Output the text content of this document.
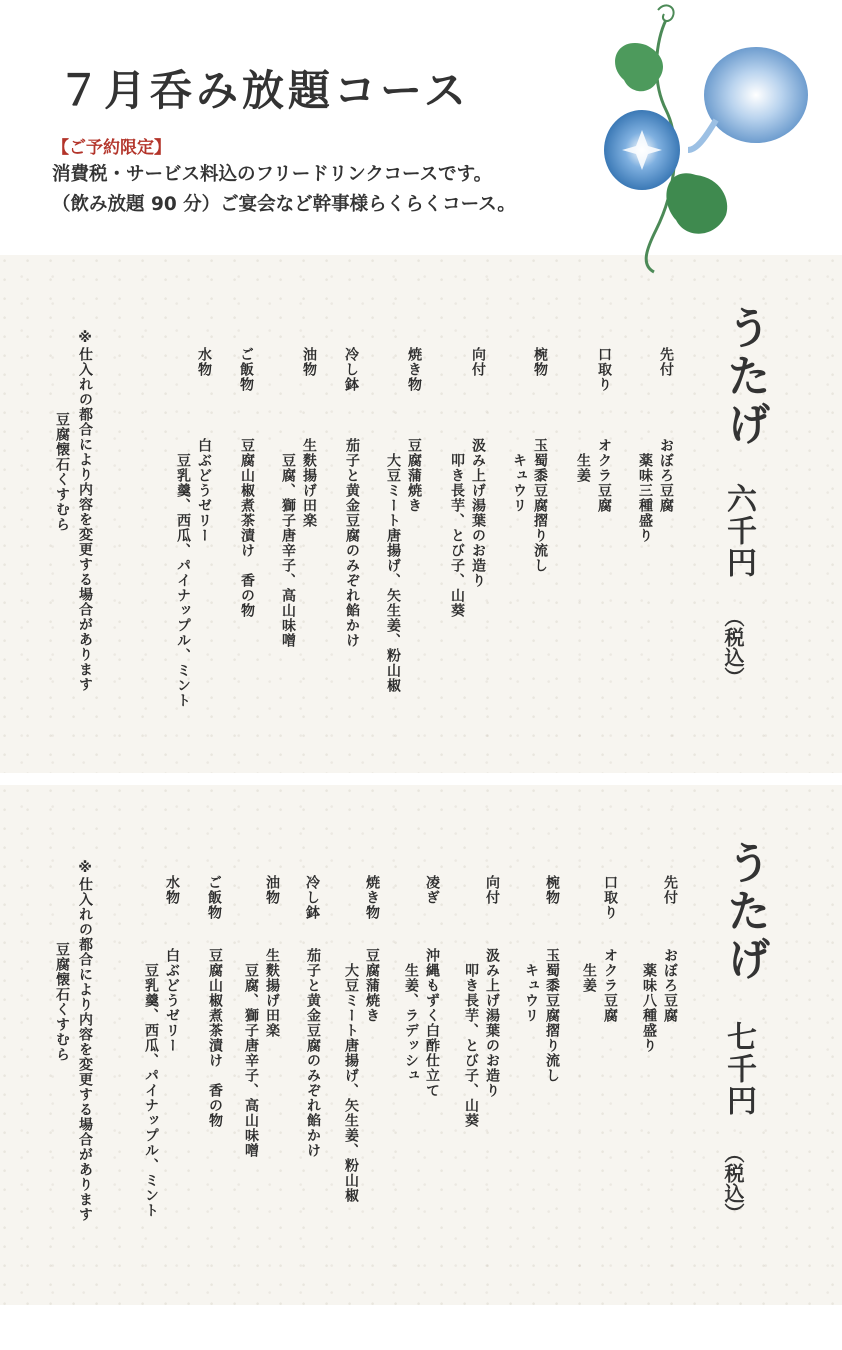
７月呑み放題コース
【ご予約限定】
消費税・サービス料込のフリードリンクコースです。
（飲み放題 90 分）ご宴会など幹事様らくらくコース。
うたげ
六千円
（税込）
先付
おぼろ豆腐
　薬味三種盛り
口取り
オクラ豆腐
　生姜
椀物
玉蜀黍豆腐摺り流し
　キュウリ
向付
汲み上げ湯葉のお造り
　叩き長芋、とび子、山葵
焼き物
豆腐蒲焼き
　大豆ミート唐揚げ、矢生姜、粉山椒
冷し鉢
茄子と黄金豆腐のみぞれ餡かけ
油物
生麩揚げ田楽
　豆腐、獅子唐辛子、高山味噌
ご飯物
豆腐山椒煮茶漬け　香の物
水物
白ぶどうゼリー
　豆乳羹、西瓜、パイナップル、ミント
※仕入れの都合により内容を変更する場合があります
豆腐懐石くすむら
うたげ
七千円
（税込）
先付
おぼろ豆腐
　薬味八種盛り
口取り
オクラ豆腐
　生姜
椀物
玉蜀黍豆腐摺り流し
　キュウリ
向付
汲み上げ湯葉のお造り
　叩き長芋、とび子、山葵
凌ぎ
沖縄もずく白酢仕立て
　生姜、ラデッシュ
焼き物
豆腐蒲焼き
　大豆ミート唐揚げ、矢生姜、粉山椒
冷し鉢
茄子と黄金豆腐のみぞれ餡かけ
油物
生麩揚げ田楽
　豆腐、獅子唐辛子、高山味噌
ご飯物
豆腐山椒煮茶漬け　香の物
水物
白ぶどうゼリー
　豆乳羹、西瓜、パイナップル、ミント
※仕入れの都合により内容を変更する場合があります
豆腐懐石くすむら
